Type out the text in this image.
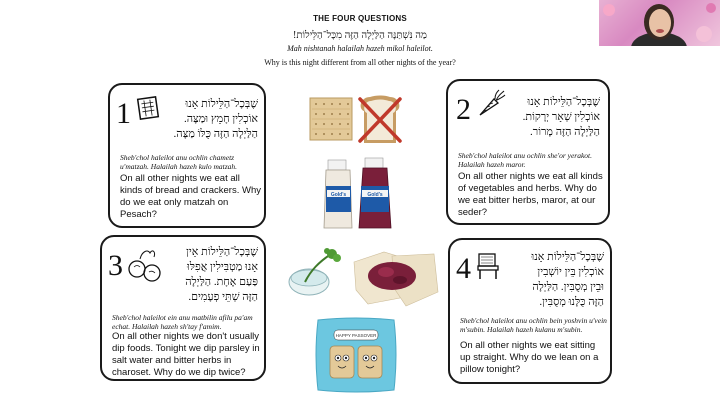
THE FOUR QUESTIONS
מַה נִּשְׁתַּנָּה הַלַּיְלָה הַזֶּה מִכָּל־הַלֵּילוֹת!
Mah nishtanah halailah hazeh mikol haleilot.
Why is this night different from all other nights of the year?
1	שֶׁבְּכָל־הַלֵּילוֹת אָנוּ
אוֹכְלִין חָמֵץ וּמַצָּה.
הַלַּיְלָה הַזֶּה כֻּלּוֹ מַצָּה.
Sheb'chol haleilot anu ochlin chametz u'matzah. Halailah hazeh kulo matzah.
On all other nights we eat all kinds of bread and crackers. Why do we eat only matzah on Pesach?
2	שֶׁבְּכָל־הַלֵּילוֹת אָנוּ
אוֹכְלִין שְׁאָר יְרָקוֹת.
הַלַּיְלָה הַזֶּה מָרוֹר.
Sheb'chol haleilot anu ochlin she'or yerakot. Halailah hazeh maror.
On all other nights we eat all kinds of vegetables and herbs. Why do we eat bitter herbs, maror, at our seder?
3	שֶׁבְּכָל־הַלֵּילוֹת אֵין
אָנוּ מַטְבִּילִין אֲפִלּוּ
פַּעַם אֶחָת. הַלַּיְלָה
הַזֶּה שְׁתֵּי פְעָמִים.
Sheb'chol haleilot ein anu matbilin afilu pa'am echat. Halailah hazeh sh'tay f'amim.
On all other nights we don't usually dip foods. Tonight we dip parsley in salt water and bitter herbs in charoset. Why do we dip twice?
4	שֶׁבְּכָל־הַלֵּילוֹת אָנוּ
אוֹכְלִין בֵּין יוֹשְׁבִין
וּבֵין מְסֻבִּין. הַלַּיְלָה
הַזֶּה כֻּלָּנוּ מְסֻבִּין.
Sheb'chol haleilot anu ochlin bein yoshvin u'vein m'subin. Halailah hazeh kulanu m'subin.
On all other nights we eat sitting up straight. Why do we lean on a pillow tonight?
Gold's	Gold's
HAPPY PASSOVER
